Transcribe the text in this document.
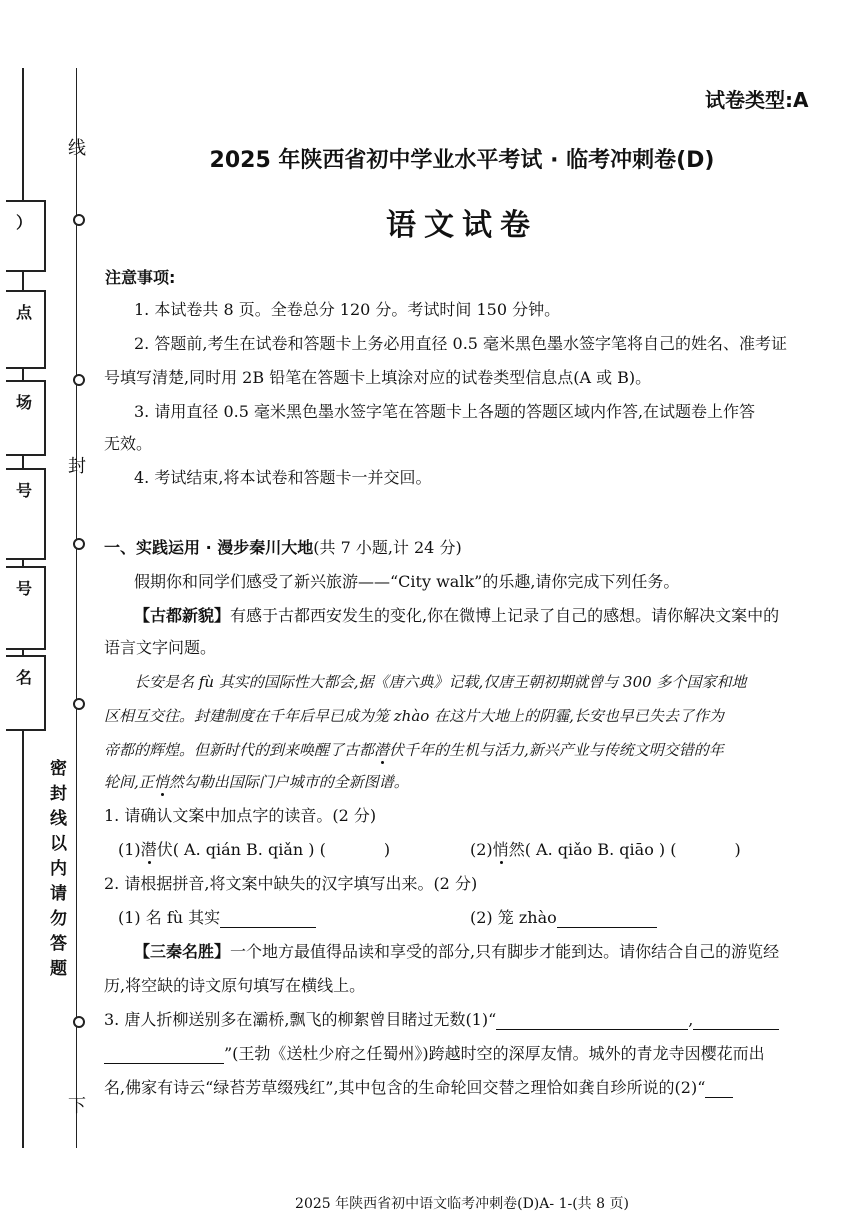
）
点
场
号
号
名
线
封
下
密封线以内请勿答题
试卷类型:A
2025 年陕西省初中学业水平考试 · 临考冲刺卷(D)
语文试卷
注意事项:
1. 本试卷共 8 页。全卷总分 120 分。考试时间 150 分钟。
2. 答题前,考生在试卷和答题卡上务必用直径 0.5 毫米黑色墨水签字笔将自己的姓名、准考证
号填写清楚,同时用 2B 铅笔在答题卡上填涂对应的试卷类型信息点(A 或 B)。
3. 请用直径 0.5 毫米黑色墨水签字笔在答题卡上各题的答题区域内作答,在试题卷上作答
无效。
4. 考试结束,将本试卷和答题卡一并交回。
一、实践运用 · 漫步秦川大地(共 7 小题,计 24 分)
假期你和同学们感受了新兴旅游——“City walk”的乐趣,请你完成下列任务。
【古都新貌】有感于古都西安发生的变化,你在微博上记录了自己的感想。请你解决文案中的
语言文字问题。
长安是名 fù 其实的国际性大都会,据《唐六典》记载,仅唐王朝初期就曾与 300 多个国家和地
区相互交往。封建制度在千年后早已成为笼 zhào 在这片大地上的阴霾,长安也早已失去了作为
帝都的辉煌。但新时代的到来唤醒了古都潜伏千年的生机与活力,新兴产业与传统文明交错的年
轮间,正悄然勾勒出国际门户城市的全新图谱。
1. 请确认文案中加点字的读音。(2 分)
(1)潜伏( A. qián B. qiǎn ) (	)	(2)悄然( A. qiǎo B. qiāo ) (	)
2. 请根据拼音,将文案中缺失的汉字填写出来。(2 分)
(1) 名 fù 其实	(2) 笼 zhào
【三秦名胜】一个地方最值得品读和享受的部分,只有脚步才能到达。请你结合自己的游览经
历,将空缺的诗文原句填写在横线上。
3. 唐人折柳送别多在灞桥,飘飞的柳絮曾目睹过无数(1)“	,
”(王勃《送杜少府之任蜀州》)跨越时空的深厚友情。城外的青龙寺因樱花而出
名,佛家有诗云“绿苔芳草缀残红”,其中包含的生命轮回交替之理恰如龚自珍所说的(2)“
2025 年陕西省初中语文临考冲刺卷(D)A- 1-(共 8 页)
